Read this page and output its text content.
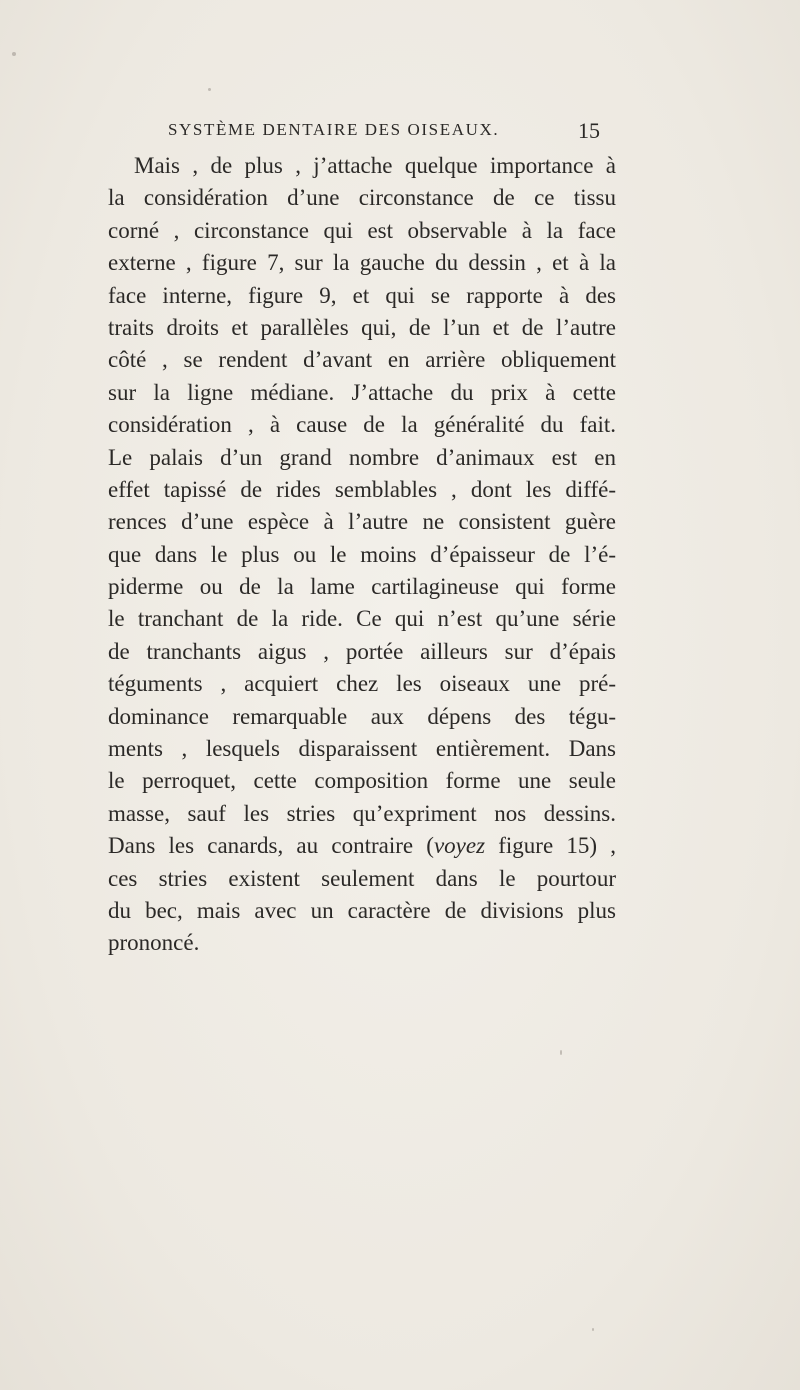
SYSTÈME DENTAIRE DES OISEAUX.	15
Mais , de plus , j’attache quelque importance à
la considération d’une circonstance de ce tissu
corné , circonstance qui est observable à la face
externe , figure 7, sur la gauche du dessin , et à la
face interne, figure 9, et qui se rapporte à des
traits droits et parallèles qui, de l’un et de l’autre
côté , se rendent d’avant en arrière obliquement
sur la ligne médiane. J’attache du prix à cette
considération , à cause de la généralité du fait.
Le palais d’un grand nombre d’animaux est en
effet tapissé de rides semblables , dont les diffé-
rences d’une espèce à l’autre ne consistent guère
que dans le plus ou le moins d’épaisseur de l’é-
piderme ou de la lame cartilagineuse qui forme
le tranchant de la ride. Ce qui n’est qu’une série
de tranchants aigus , portée ailleurs sur d’épais
téguments , acquiert chez les oiseaux une pré-
dominance remarquable aux dépens des tégu-
ments , lesquels disparaissent entièrement. Dans
le perroquet, cette composition forme une seule
masse, sauf les stries qu’expriment nos dessins.
Dans les canards, au contraire (voyez figure 15) ,
ces stries existent seulement dans le pourtour
du bec, mais avec un caractère de divisions plus
prononcé.
